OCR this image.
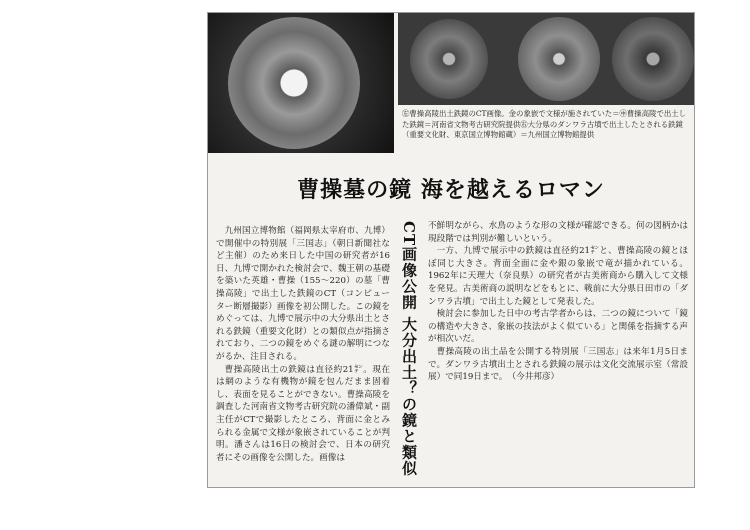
㊧曹操高陵出土鉄鏡のCT画像。金の象嵌で文様が施されていた＝㊥曹操高陵で出土した鉄鏡＝河南省文物考古研究院提供㊨大分県のダンワラ古墳で出土したとされる鉄鏡（重要文化財、東京国立博物館蔵）＝九州国立博物館提供
曹操墓の鏡 海を越えるロマン

九州国立博物館（福岡県太宰府市、九博）で開催中の特別展「三国志」（朝日新聞社など主催）のため来日した中国の研究者が16日、九博で開かれた検討会で、魏王朝の基礎を築いた英雄・曹操（155～220）の墓「曹操高陵」で出土した鉄鏡のCT（コンピューター断層撮影）画像を初公開した。この鏡をめぐっては、九博で展示中の大分県出土とされる鉄鏡（重要文化財）との類似点が指摘されており、二つの鏡をめぐる謎の解明につながるか、注目される。

曹操高陵出土の鉄鏡は直径約21㌢。現在は網のような有機物が鏡を包んだまま固着し、表面を見ることができない。曹操高陵を調査した河南省文物考古研究院の潘偉斌・副主任がCTで撮影したところ、背面に金とみられる金属で文様が象嵌されていることが判明。潘さんは16日の検討会で、日本の研究者にその画像を公開した。画像は	CT画像公開 大分出土？の鏡と類似 不鮮明ながら、水鳥のような形の文様が確認できる。何の図柄かは現段階では判別が難しいという。

一方、九博で展示中の鉄鏡は直径約21㌢と、曹操高陵の鏡とほぼ同じ大きさ。背面全面に金や銀の象嵌で竜が描かれている。1962年に天理大（奈良県）の研究者が古美術商から購入して文様を発見。古美術商の説明などをもとに、戦前に大分県日田市の「ダンワラ古墳」で出土した鏡として発表した。

検討会に参加した日中の考古学者からは、二つの鏡について「鏡の構造や大きさ、象嵌の技法がよく似ている」と関係を指摘する声が相次いだ。

曹操高陵の出土品を公開する特別展「三国志」は来年1月5日まで。ダンワラ古墳出土とされる鉄鏡の展示は文化交流展示室（常設展）で同19日まで。　（今井邦彦）
